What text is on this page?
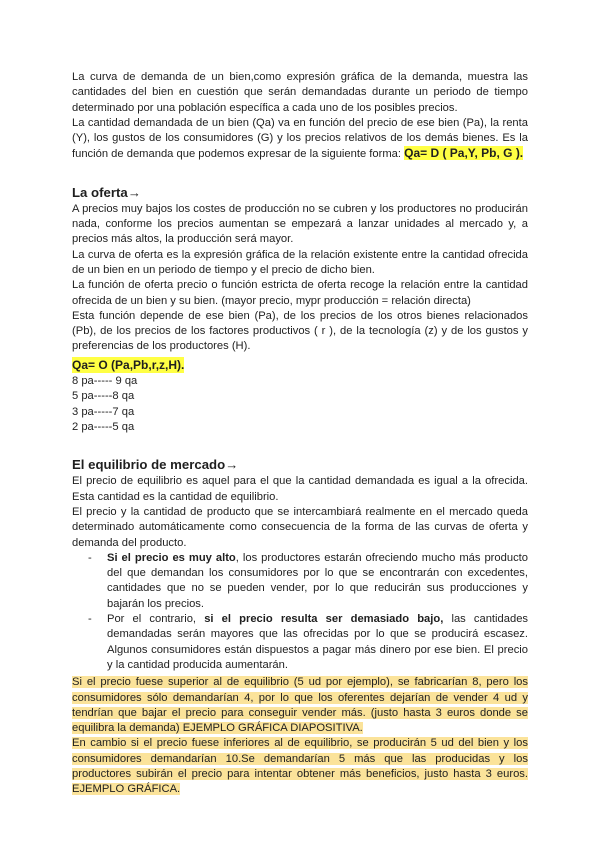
La curva de demanda de un bien,como expresión gráfica de la demanda, muestra las cantidades del bien en cuestión que serán demandadas durante un periodo de tiempo determinado por una población específica a cada uno de los posibles precios.

La cantidad demandada de un bien (Qa) va en función del precio de ese bien (Pa), la renta (Y), los gustos de los consumidores (G) y los precios relativos de los demás bienes. Es la función de demanda que podemos expresar de la siguiente forma: Qa= D ( Pa,Y, Pb, G ).

La oferta→

A precios muy bajos los costes de producción no se cubren y los productores no producirán nada, conforme los precios aumentan se empezará a lanzar unidades al mercado y, a precios más altos, la producción será mayor.

La curva de oferta es la expresión gráfica de la relación existente entre la cantidad ofrecida de un bien en un periodo de tiempo y el precio de dicho bien.

La función de oferta precio o función estricta de oferta recoge la relación entre la cantidad ofrecida de un bien y su bien. (mayor precio, mypr producción = relación directa)

Esta función depende de ese bien (Pa), de los precios de los otros bienes relacionados (Pb), de los precios de los factores productivos ( r ), de la tecnología (z) y de los gustos y preferencias de los productores (H).

Qa= O (Pa,Pb,r,z,H).

8 pa----- 9 qa

5 pa-----8 qa

3 pa-----7 qa

2 pa-----5 qa

El equilibrio de mercado→

El precio de equilibrio es aquel para el que la cantidad demandada es igual a la ofrecida. Esta cantidad es la cantidad de equilibrio.

El precio y la cantidad de producto que se intercambiará realmente en el mercado queda determinado automáticamente como consecuencia de la forma de las curvas de oferta y demanda del producto.

- Si el precio es muy alto, los productores estarán ofreciendo mucho más producto del que demandan los consumidores por lo que se encontrarán con excedentes, cantidades que no se pueden vender, por lo que reducirán sus producciones y bajarán los precios.
- Por el contrario, si el precio resulta ser demasiado bajo, las cantidades demandadas serán mayores que las ofrecidas por lo que se producirá escasez. Algunos consumidores están dispuestos a pagar más dinero por ese bien. El precio y la cantidad producida aumentarán.

Si el precio fuese superior al de equilibrio (5 ud por ejemplo), se fabricarían 8, pero los consumidores sólo demandarían 4, por lo que los oferentes dejarían de vender 4 ud y tendrían que bajar el precio para conseguir vender más. (justo hasta 3 euros donde se equilibra la demanda) EJEMPLO GRÁFICA DIAPOSITIVA.

En cambio si el precio fuese inferiores al de equilibrio, se producirán 5 ud del bien y los consumidores demandarían 10.Se demandarían 5 más que las producidas y los productores subirán el precio para intentar obtener más beneficios, justo hasta 3 euros. EJEMPLO GRÁFICA.
